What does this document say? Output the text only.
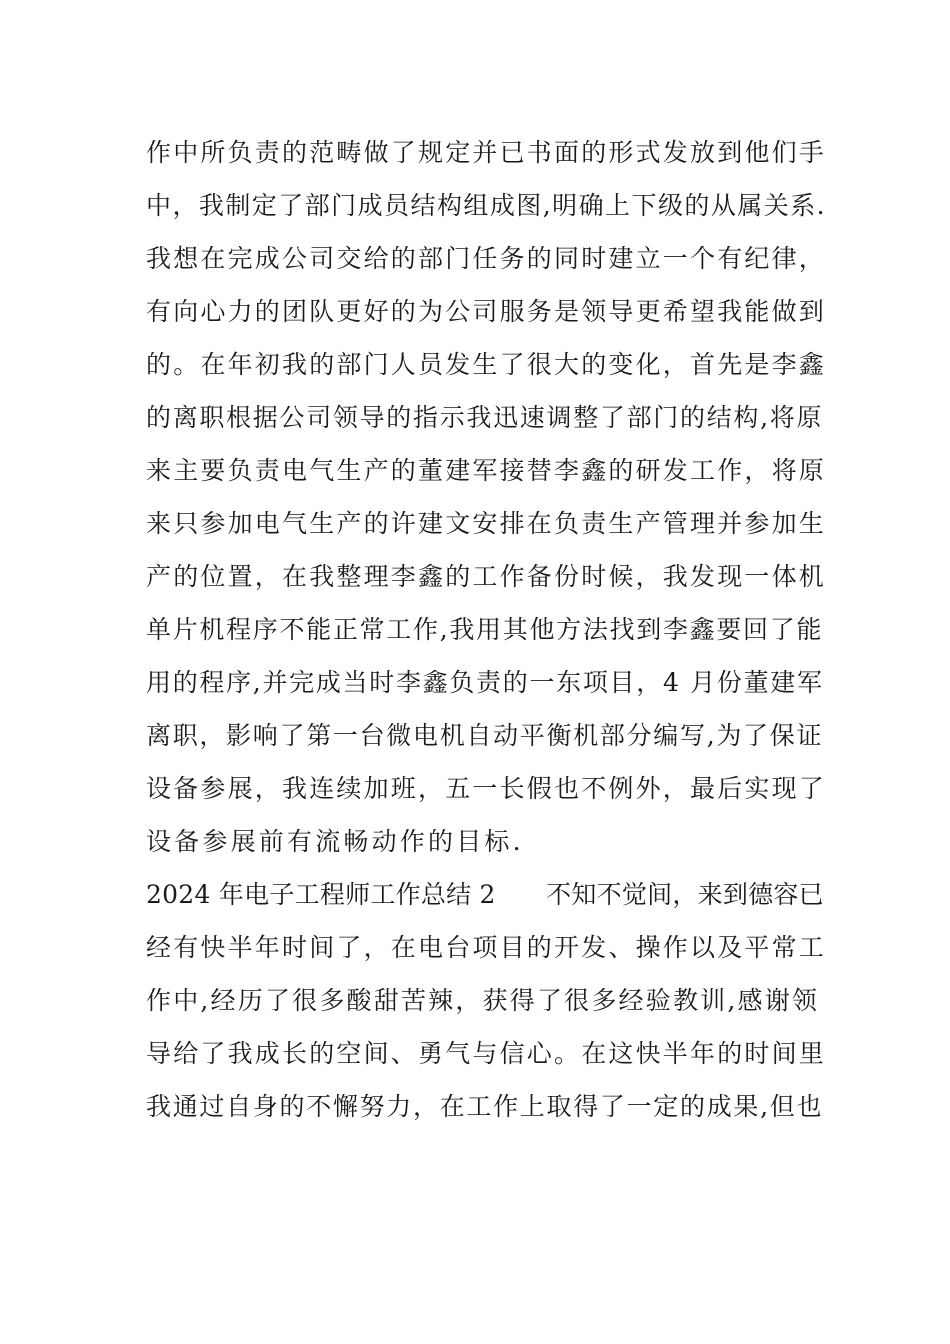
作中所负责的范畴做了规定并已书面的形式发放到他们手
中，我制定了部门成员结构组成图,明确上下级的从属关系.
我想在完成公司交给的部门任务的同时建立一个有纪律，
有向心力的团队更好的为公司服务是领导更希望我能做到
的。在年初我的部门人员发生了很大的变化，首先是李鑫
的离职根据公司领导的指示我迅速调整了部门的结构,将原
来主要负责电气生产的董建军接替李鑫的研发工作，将原
来只参加电气生产的许建文安排在负责生产管理并参加生
产的位置，在我整理李鑫的工作备份时候，我发现一体机
单片机程序不能正常工作,我用其他方法找到李鑫要回了能
用的程序,并完成当时李鑫负责的一东项目，4 月份董建军
离职，影响了第一台微电机自动平衡机部分编写,为了保证
设备参展，我连续加班，五一长假也不例外，最后实现了
设备参展前有流畅动作的目标.
2024 年电子工程师工作总结 2　　不知不觉间，来到德容已
经有快半年时间了，在电台项目的开发、操作以及平常工
作中,经历了很多酸甜苦辣，获得了很多经验教训,感谢领
导给了我成长的空间、勇气与信心。在这快半年的时间里
我通过自身的不懈努力，在工作上取得了一定的成果,但也
